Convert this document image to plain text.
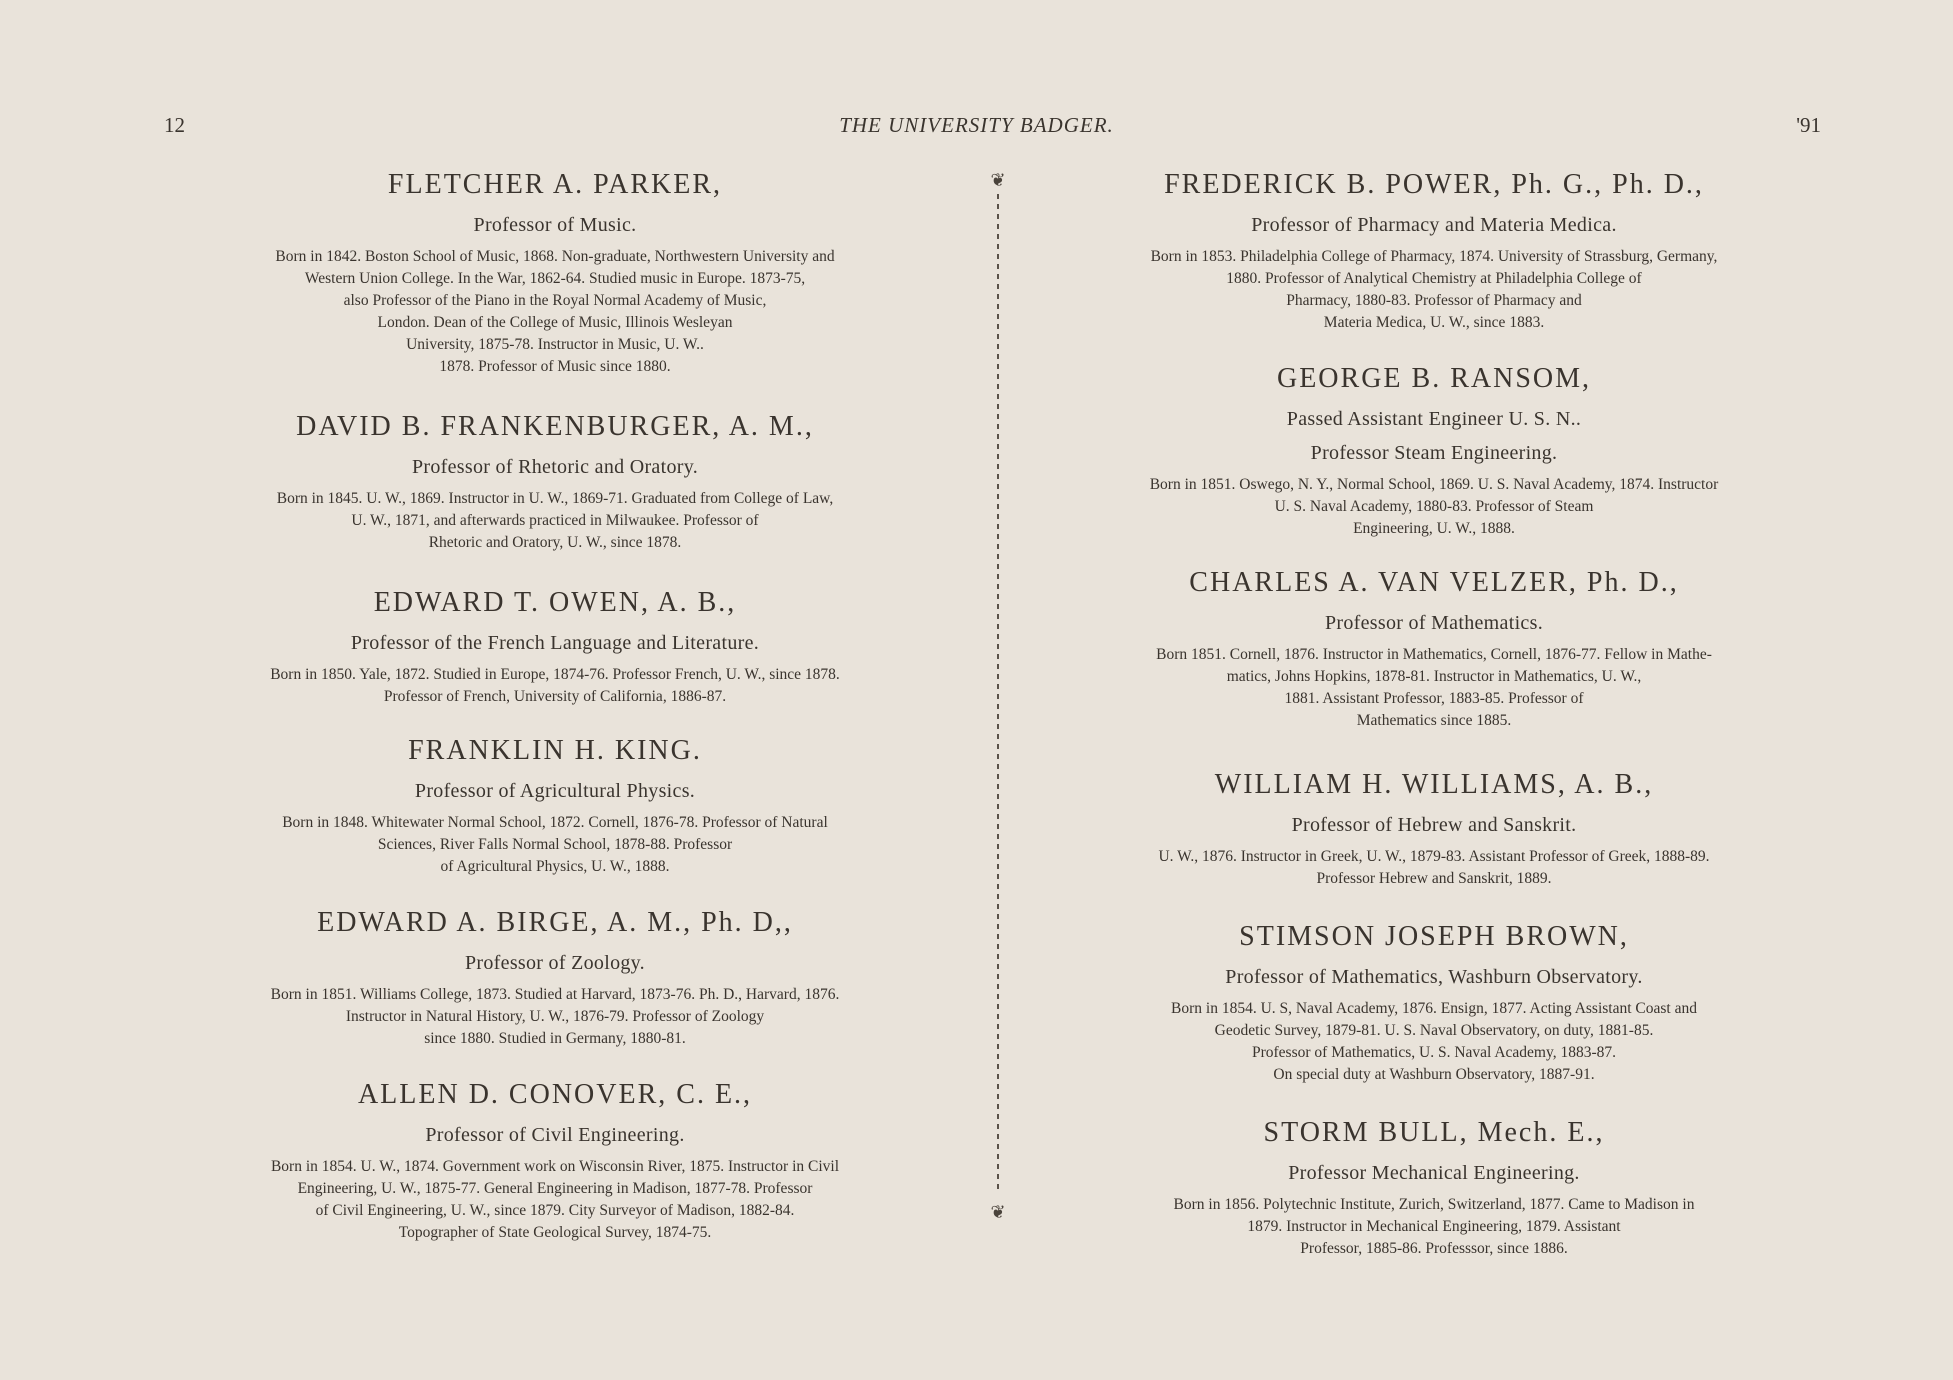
12	THE UNIVERSITY BADGER.	'91
FLETCHER A. PARKER,
Professor of Music.
Born in 1842. Boston School of Music, 1868. Non-graduate, Northwestern University and
Western Union College. In the War, 1862-64. Studied music in Europe. 1873-75,
also Professor of the Piano in the Royal Normal Academy of Music,
London. Dean of the College of Music, Illinois Wesleyan
University, 1875-78. Instructor in Music, U. W..
1878. Professor of Music since 1880.
DAVID B. FRANKENBURGER, A. M.,
Professor of Rhetoric and Oratory.
Born in 1845. U. W., 1869. Instructor in U. W., 1869-71. Graduated from College of Law,
U. W., 1871, and afterwards practiced in Milwaukee. Professor of
Rhetoric and Oratory, U. W., since 1878.
EDWARD T. OWEN, A. B.,
Professor of the French Language and Literature.
Born in 1850. Yale, 1872. Studied in Europe, 1874-76. Professor French, U. W., since 1878.
Professor of French, University of California, 1886-87.
FRANKLIN H. KING.
Professor of Agricultural Physics.
Born in 1848. Whitewater Normal School, 1872. Cornell, 1876-78. Professor of Natural
Sciences, River Falls Normal School, 1878-88. Professor
of Agricultural Physics, U. W., 1888.
EDWARD A. BIRGE, A. M., Ph. D,,
Professor of Zoology.
Born in 1851. Williams College, 1873. Studied at Harvard, 1873-76. Ph. D., Harvard, 1876.
Instructor in Natural History, U. W., 1876-79. Professor of Zoology
since 1880. Studied in Germany, 1880-81.
ALLEN D. CONOVER, C. E.,
Professor of Civil Engineering.
Born in 1854. U. W., 1874. Government work on Wisconsin River, 1875. Instructor in Civil
Engineering, U. W., 1875-77. General Engineering in Madison, 1877-78. Professor
of Civil Engineering, U. W., since 1879. City Surveyor of Madison, 1882-84.
Topographer of State Geological Survey, 1874-75.
❦
❦
FREDERICK B. POWER, Ph. G., Ph. D.,
Professor of Pharmacy and Materia Medica.
Born in 1853. Philadelphia College of Pharmacy, 1874. University of Strassburg, Germany,
1880. Professor of Analytical Chemistry at Philadelphia College of
Pharmacy, 1880-83. Professor of Pharmacy and
Materia Medica, U. W., since 1883.
GEORGE B. RANSOM,
Passed Assistant Engineer U. S. N..
Professor Steam Engineering.
Born in 1851. Oswego, N. Y., Normal School, 1869. U. S. Naval Academy, 1874. Instructor
U. S. Naval Academy, 1880-83. Professor of Steam
Engineering, U. W., 1888.
CHARLES A. VAN VELZER, Ph. D.,
Professor of Mathematics.
Born 1851. Cornell, 1876. Instructor in Mathematics, Cornell, 1876-77. Fellow in Mathe-
matics, Johns Hopkins, 1878-81. Instructor in Mathematics, U. W.,
1881. Assistant Professor, 1883-85. Professor of
Mathematics since 1885.
WILLIAM H. WILLIAMS, A. B.,
Professor of Hebrew and Sanskrit.
U. W., 1876. Instructor in Greek, U. W., 1879-83. Assistant Professor of Greek, 1888-89.
Professor Hebrew and Sanskrit, 1889.
STIMSON JOSEPH BROWN,
Professor of Mathematics, Washburn Observatory.
Born in 1854. U. S, Naval Academy, 1876. Ensign, 1877. Acting Assistant Coast and
Geodetic Survey, 1879-81. U. S. Naval Observatory, on duty, 1881-85.
Professor of Mathematics, U. S. Naval Academy, 1883-87.
On special duty at Washburn Observatory, 1887-91.
STORM BULL, Mech. E.,
Professor Mechanical Engineering.
Born in 1856. Polytechnic Institute, Zurich, Switzerland, 1877. Came to Madison in
1879. Instructor in Mechanical Engineering, 1879. Assistant
Professor, 1885-86. Professsor, since 1886.
